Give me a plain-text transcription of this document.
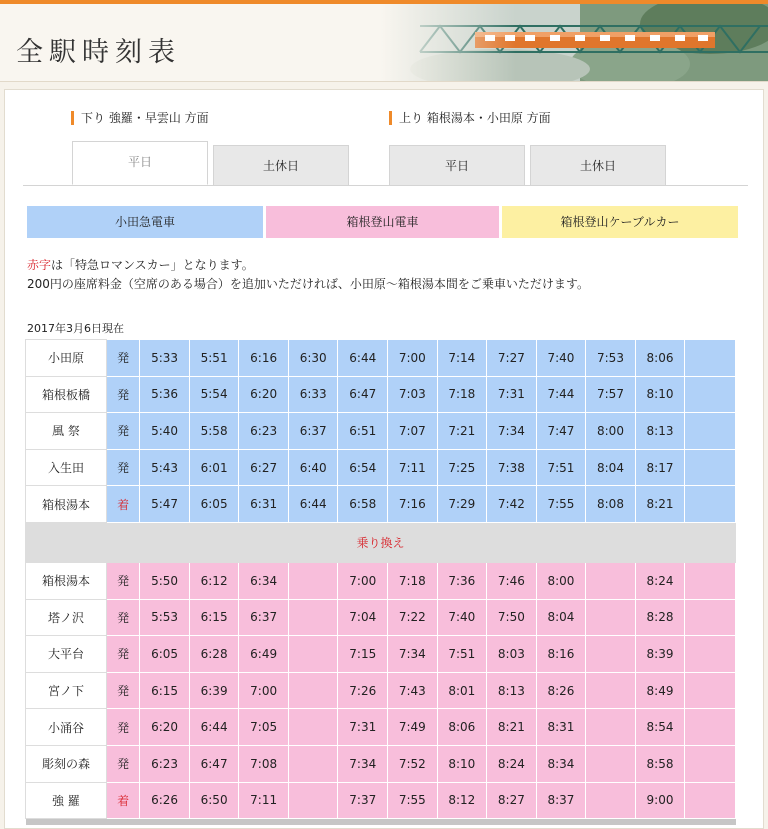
全駅時刻表
下り 強羅・早雲山 方面	上り 箱根湯本・小田原 方面
平日	土休日	平日	土休日
小田急電車	箱根登山電車	箱根登山ケーブルカー
赤字は「特急ロマンスカー」となります。
200円の座席料金（空席のある場合）を追加いただければ、小田原～箱根湯本間をご乗車いただけます。
2017年3月6日現在
小田原	発	5:33	5:51	6:16	6:30	6:44	7:00	7:14	7:27	7:40	7:53	8:06	
箱根板橋	発	5:36	5:54	6:20	6:33	6:47	7:03	7:18	7:31	7:44	7:57	8:10	
風 祭	発	5:40	5:58	6:23	6:37	6:51	7:07	7:21	7:34	7:47	8:00	8:13	
入生田	発	5:43	6:01	6:27	6:40	6:54	7:11	7:25	7:38	7:51	8:04	8:17	
箱根湯本	着	5:47	6:05	6:31	6:44	6:58	7:16	7:29	7:42	7:55	8:08	8:21	
乗り換え													
箱根湯本	発	5:50	6:12	6:34		7:00	7:18	7:36	7:46	8:00		8:24	
塔ノ沢	発	5:53	6:15	6:37		7:04	7:22	7:40	7:50	8:04		8:28	
大平台	発	6:05	6:28	6:49		7:15	7:34	7:51	8:03	8:16		8:39	
宮ノ下	発	6:15	6:39	7:00		7:26	7:43	8:01	8:13	8:26		8:49	
小涌谷	発	6:20	6:44	7:05		7:31	7:49	8:06	8:21	8:31		8:54	
彫刻の森	発	6:23	6:47	7:08		7:34	7:52	8:10	8:24	8:34		8:58	
強 羅	着	6:26	6:50	7:11		7:37	7:55	8:12	8:27	8:37		9:00	
